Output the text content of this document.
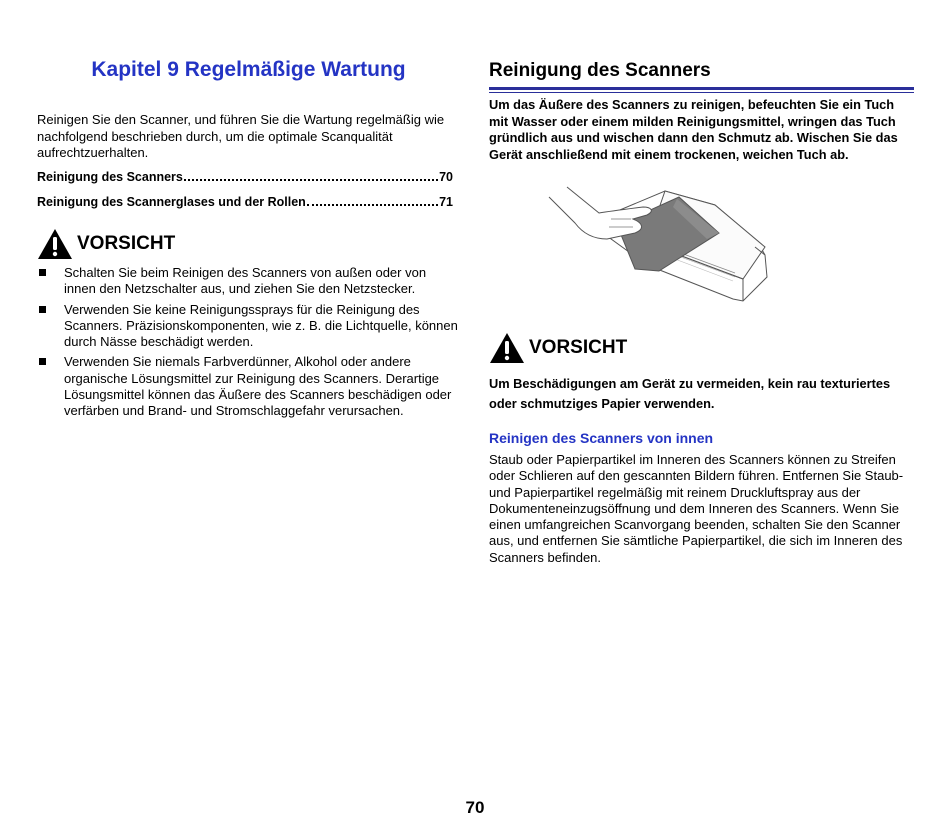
Kapitel 9 Regelmäßige Wartung

Reinigen Sie den Scanner, und führen Sie die Wartung regelmäßig wie nachfolgend beschrieben durch, um die optimale Scanqualität aufrechtzuerhalten.

Reinigung des Scanners	70
Reinigung des Scannerglases und der Rollen	71
VORSICHT
Schalten Sie beim Reinigen des Scanners von außen oder von innen den Netzschalter aus, und ziehen Sie den Netzstecker.
Verwenden Sie keine Reinigungssprays für die Reinigung des Scanners. Präzisionskomponenten, wie z. B. die Lichtquelle, können durch Nässe beschädigt werden.
Verwenden Sie niemals Farbverdünner, Alkohol oder andere organische Lösungsmittel zur Reinigung des Scanners. Derartige Lösungsmittel können das Äußere des Scanners beschädigen oder verfärben und Brand- und Stromschlaggefahr verursachen.
Reinigung des Scanners

Um das Äußere des Scanners zu reinigen, befeuchten Sie ein Tuch mit Wasser oder einem milden Reinigungsmittel, wringen das Tuch gründlich aus und wischen dann den Schmutz ab. Wischen Sie das Gerät anschließend mit einem trockenen, weichen Tuch ab.

VORSICHT

Um Beschädigungen am Gerät zu vermeiden, kein rau texturiertes oder schmutziges Papier verwenden.

Reinigen des Scanners von innen

Staub oder Papierpartikel im Inneren des Scanners können zu Streifen oder Schlieren auf den gescannten Bildern führen. Entfernen Sie Staub- und Papierpartikel regelmäßig mit reinem Druckluftspray aus der Dokumenteneinzugsöffnung und dem Inneren des Scanners. Wenn Sie einen umfangreichen Scanvorgang beenden, schalten Sie den Scanner aus, und entfernen Sie sämtliche Papierpartikel, die sich im Inneren des Scanners befinden.

70
